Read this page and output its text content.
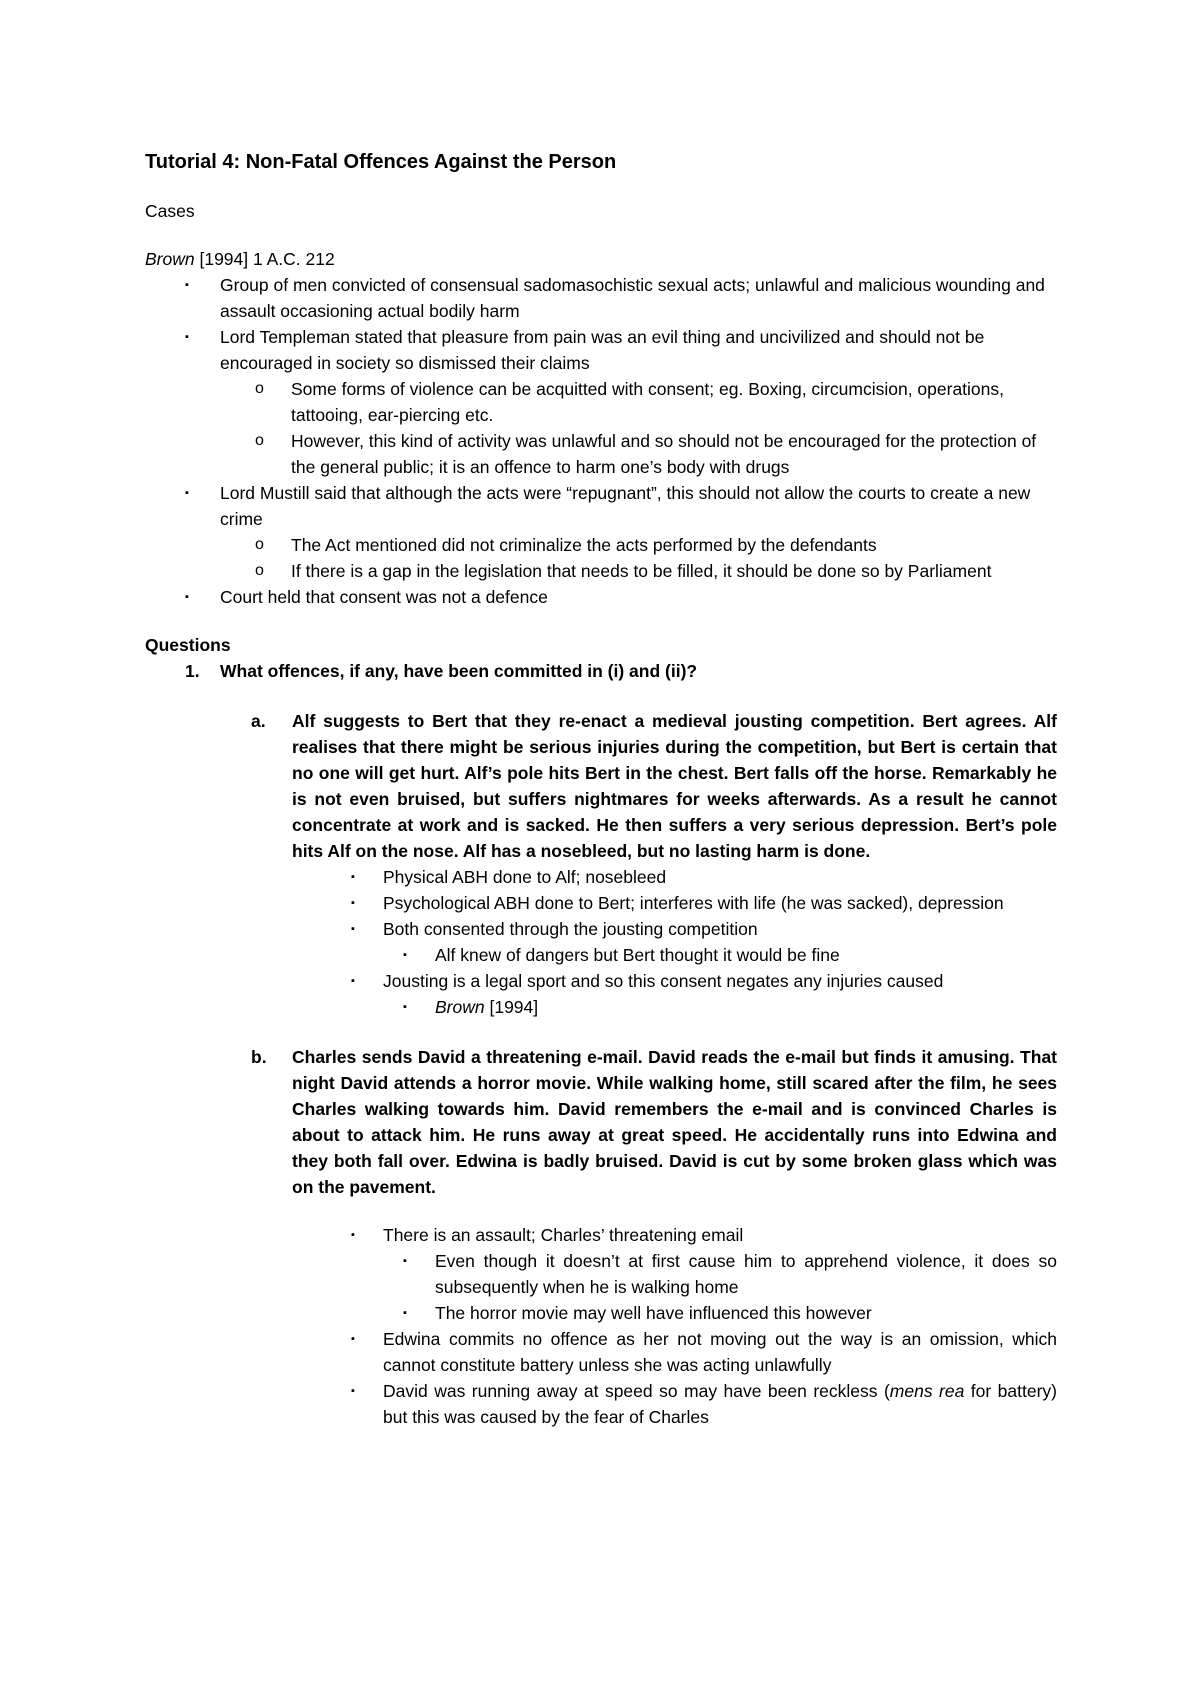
Tutorial 4: Non-Fatal Offences Against the Person

Cases
Brown [1994] 1 A.C. 212
▪ Group of men convicted of consensual sadomasochistic sexual acts; unlawful and malicious wounding and assault occasioning actual bodily harm
▪ Lord Templeman stated that pleasure from pain was an evil thing and uncivilized and should not be encouraged in society so dismissed their claims
o Some forms of violence can be acquitted with consent; eg. Boxing, circumcision, operations, tattooing, ear-piercing etc.
o However, this kind of activity was unlawful and so should not be encouraged for the protection of the general public; it is an offence to harm one’s body with drugs
▪ Lord Mustill said that although the acts were “repugnant”, this should not allow the courts to create a new crime
o The Act mentioned did not criminalize the acts performed by the defendants
o If there is a gap in the legislation that needs to be filled, it should be done so by Parliament
▪ Court held that consent was not a defence
Questions
1. What offences, if any, have been committed in (i) and (ii)?
a. Alf suggests to Bert that they re-enact a medieval jousting competition. Bert agrees. Alf realises that there might be serious injuries during the competition, but Bert is certain that no one will get hurt. Alf’s pole hits Bert in the chest. Bert falls off the horse. Remarkably he is not even bruised, but suffers nightmares for weeks afterwards. As a result he cannot concentrate at work and is sacked. He then suffers a very serious depression. Bert’s pole hits Alf on the nose. Alf has a nosebleed, but no lasting harm is done.
▪ Physical ABH done to Alf; nosebleed
▪ Psychological ABH done to Bert; interferes with life (he was sacked), depression
▪ Both consented through the jousting competition
▪ Alf knew of dangers but Bert thought it would be fine
▪ Jousting is a legal sport and so this consent negates any injuries caused
▪ Brown [1994]
b. Charles sends David a threatening e-mail. David reads the e-mail but finds it amusing. That night David attends a horror movie. While walking home, still scared after the film, he sees Charles walking towards him. David remembers the e-mail and is convinced Charles is about to attack him. He runs away at great speed. He accidentally runs into Edwina and they both fall over. Edwina is badly bruised. David is cut by some broken glass which was on the pavement.
▪ There is an assault; Charles’ threatening email
▪ Even though it doesn’t at first cause him to apprehend violence, it does so subsequently when he is walking home
▪ The horror movie may well have influenced this however
▪ Edwina commits no offence as her not moving out the way is an omission, which cannot constitute battery unless she was acting unlawfully
▪ David was running away at speed so may have been reckless (mens rea for battery) but this was caused by the fear of Charles
